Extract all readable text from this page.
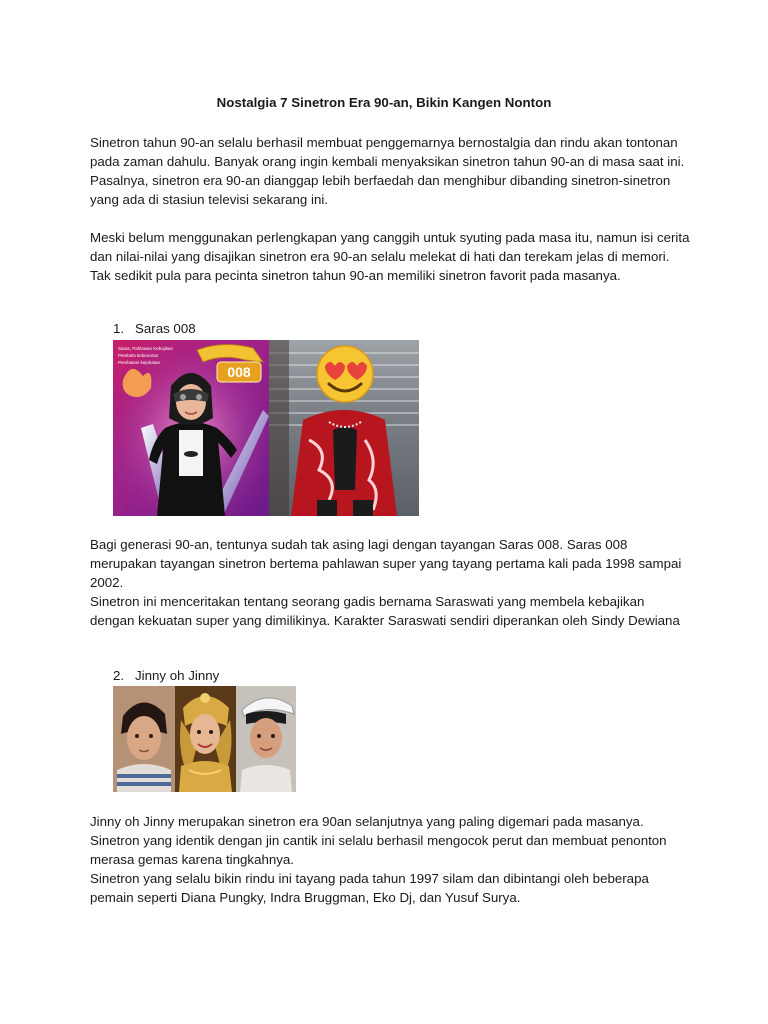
Nostalgia 7 Sinetron Era 90-an, Bikin Kangen Nonton

Sinetron tahun 90-an selalu berhasil membuat penggemarnya bernostalgia dan rindu akan tontonan pada zaman dahulu. Banyak orang ingin kembali menyaksikan sinetron tahun 90-an di masa saat ini. Pasalnya, sinetron era 90-an dianggap lebih berfaedah dan menghibur dibanding sinetron-sinetron yang ada di stasiun televisi sekarang ini.

Meski belum menggunakan perlengkapan yang canggih untuk syuting pada masa itu, namun isi cerita dan nilai-nilai yang disajikan sinetron era 90-an selalu melekat di hati dan terekam jelas di memori. Tak sedikit pula para pecinta sinetron tahun 90-an memiliki sinetron favorit pada masanya.

1. Saras 008
Saras, Pahlawan Kebajikan
Pembela kebenaran
Pembasmi kejahatan
008

Bagi generasi 90-an, tentunya sudah tak asing lagi dengan tayangan Saras 008. Saras 008 merupakan tayangan sinetron bertema pahlawan super yang tayang pertama kali pada 1998 sampai 2002.

Sinetron ini menceritakan tentang seorang gadis bernama Saraswati yang membela kebajikan dengan kekuatan super yang dimilikinya. Karakter Saraswati sendiri diperankan oleh Sindy Dewiana

2. Jinny oh Jinny

Jinny oh Jinny merupakan sinetron era 90an selanjutnya yang paling digemari pada masanya. Sinetron yang identik dengan jin cantik ini selalu berhasil mengocok perut dan membuat penonton merasa gemas karena tingkahnya.

Sinetron yang selalu bikin rindu ini tayang pada tahun 1997 silam dan dibintangi oleh beberapa pemain seperti Diana Pungky, Indra Bruggman, Eko Dj, dan Yusuf Surya.
